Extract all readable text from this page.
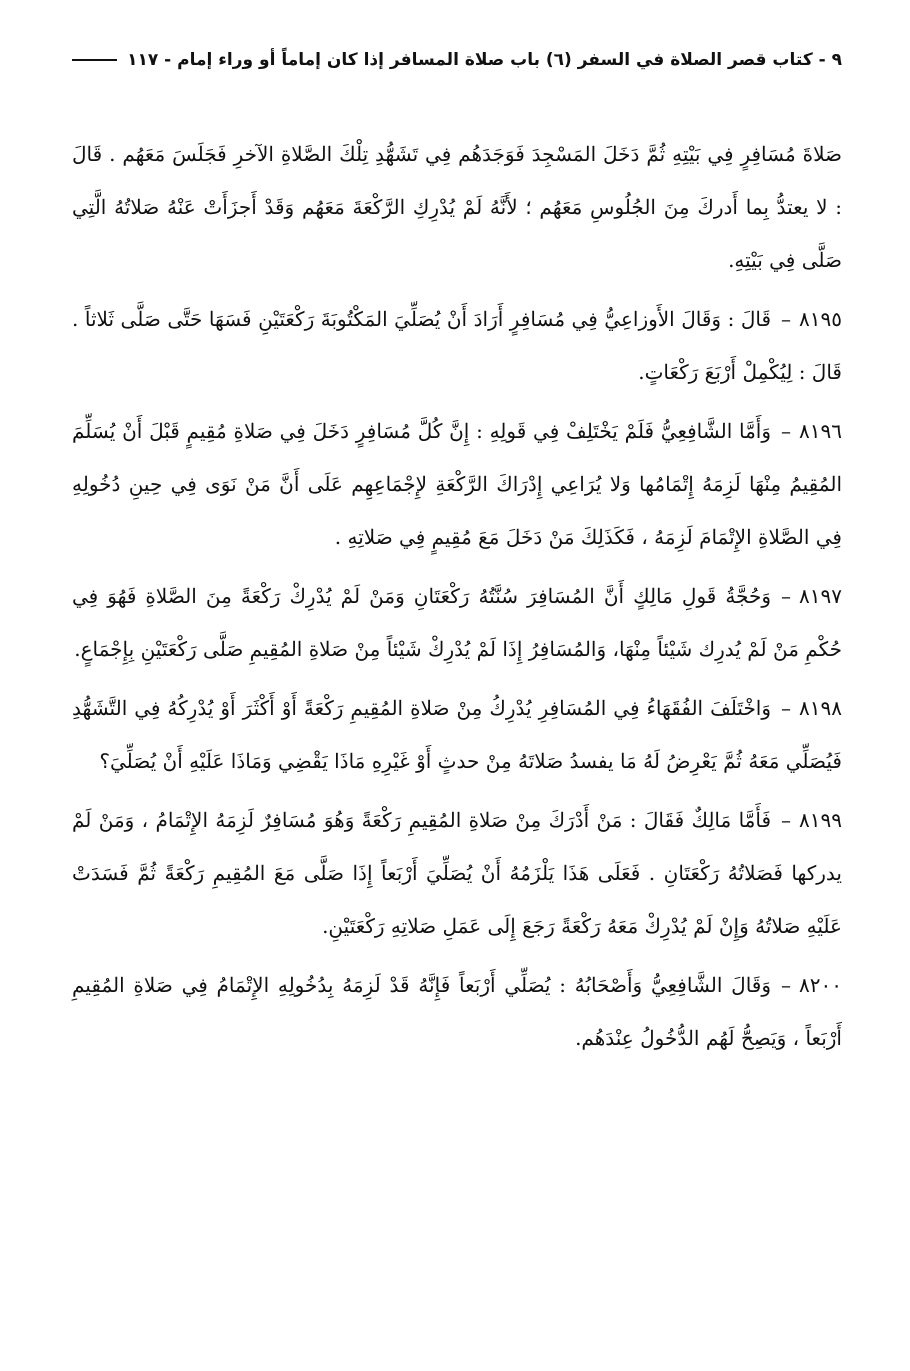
٩ - كتاب قصر الصلاة في السفر (٦) باب صلاة المسافر إذا كان إماماً أو وراء إمام - ١١٧

صَلاةَ مُسَافِرٍ فِي بَيْتِهِ ثُمَّ دَخَلَ المَسْجِدَ فَوَجَدَهُم فِي تَشَهُّدِ تِلْكَ الصَّلاةِ الآخرِ فَجَلَسَ مَعَهُم . قَالَ : لا يعتدُّ بِما أَدركَ مِنَ الجُلُوسِ مَعَهُم ؛ لأَنَّهُ لَمْ يُدْرِكِ الرَّكْعَةَ مَعَهُم وَقَدْ أَجزَأَتْ عَنْهُ صَلاتُهُ الَّتِي صَلَّى فِي بَيْتِهِ.

٨١٩٥–قَالَ : وَقَالَ الأَوزاعِيُّ فِي مُسَافِرٍ أَرَادَ أَنْ يُصَلِّيَ المَكْتُوبَةَ رَكْعَتَيْنِ فَسَهَا حَتَّى صَلَّى ثَلاثاً . قَالَ : لِيُكْمِلْ أَرْبَعَ رَكْعَاتٍ.

٨١٩٦–وَأَمَّا الشَّافِعِيُّ فَلَمْ يَخْتَلِفْ فِي قَولِهِ : إِنَّ كُلَّ مُسَافِرٍ دَخَلَ فِي صَلاةِ مُقِيمٍ قَبْلَ أَنْ يُسَلِّمَ المُقِيمُ مِنْهَا لَزِمَهُ إِتْمَامُها وَلا يُرَاعِي إِدْرَاكَ الرَّكْعَةِ لإِجْمَاعِهِم عَلَى أَنَّ مَنْ نَوَى فِي حِينِ دُخُولِهِ فِي الصَّلاةِ الإِتْمَامَ لَزِمَهُ ، فَكَذَلِكَ مَنْ دَخَلَ مَعَ مُقِيمٍ فِي صَلاتِهِ .

٨١٩٧–وَحُجَّةُ قَولِ مَالِكٍ أَنَّ المُسَافِرَ سُنَّتُهُ رَكْعَتَانِ وَمَنْ لَمْ يُدْرِكْ رَكْعَةً مِنَ الصَّلاةِ فَهُوَ فِي حُكْمِ مَنْ لَمْ يُدرِك شَيْئاً مِنْهَا، وَالمُسَافِرُ إِذَا لَمْ يُدْرِكْ شَيْئاً مِنْ صَلاةِ المُقِيمِ صَلَّى رَكْعَتَيْنِ بِإِجْمَاعٍ.

٨١٩٨–وَاخْتَلَفَ الفُقَهَاءُ فِي المُسَافِرِ يُدْرِكُ مِنْ صَلاةِ المُقِيمِ رَكْعَةً أَوْ أَكْثَرَ أَوْ يُدْرِكُهُ فِي التَّشَهُّدِ فَيُصَلِّي مَعَهُ ثُمَّ يَعْرِضُ لَهُ مَا يفسدُ صَلاتَهُ مِنْ حدثٍ أَوْ غَيْرِهِ مَاذَا يَقْضِي وَمَاذَا عَلَيْهِ أَنْ يُصَلِّيَ؟

٨١٩٩–فَأَمَّا مَالِكٌ فَقَالَ : مَنْ أَدْرَكَ مِنْ صَلاةِ المُقِيمِ رَكْعَةً وَهُوَ مُسَافِرٌ لَزِمَهُ الإِتْمَامُ ، وَمَنْ لَمْ يدركها فَصَلاتُهُ رَكْعَتَانِ . فَعَلَى هَذَا يَلْزَمُهُ أَنْ يُصَلِّيَ أَرْبَعاً إِذَا صَلَّى مَعَ المُقِيمِ رَكْعَةً ثُمَّ فَسَدَتْ عَلَيْهِ صَلاتُهُ وَإِنْ لَمْ يُدْرِكْ مَعَهُ رَكْعَةً رَجَعَ إِلَى عَمَلِ صَلاتِهِ رَكْعَتَيْنِ.

٨٢٠٠–وَقَالَ الشَّافِعِيُّ وَأَصْحَابُهُ : يُصَلِّي أَرْبَعاً فَإِنَّهُ قَدْ لَزِمَهُ بِدُخُولِهِ الإِتْمَامُ فِي صَلاةِ المُقِيمِ أَرْبَعاً ، وَيَصِحُّ لَهُم الدُّخُولُ عِنْدَهُم.
